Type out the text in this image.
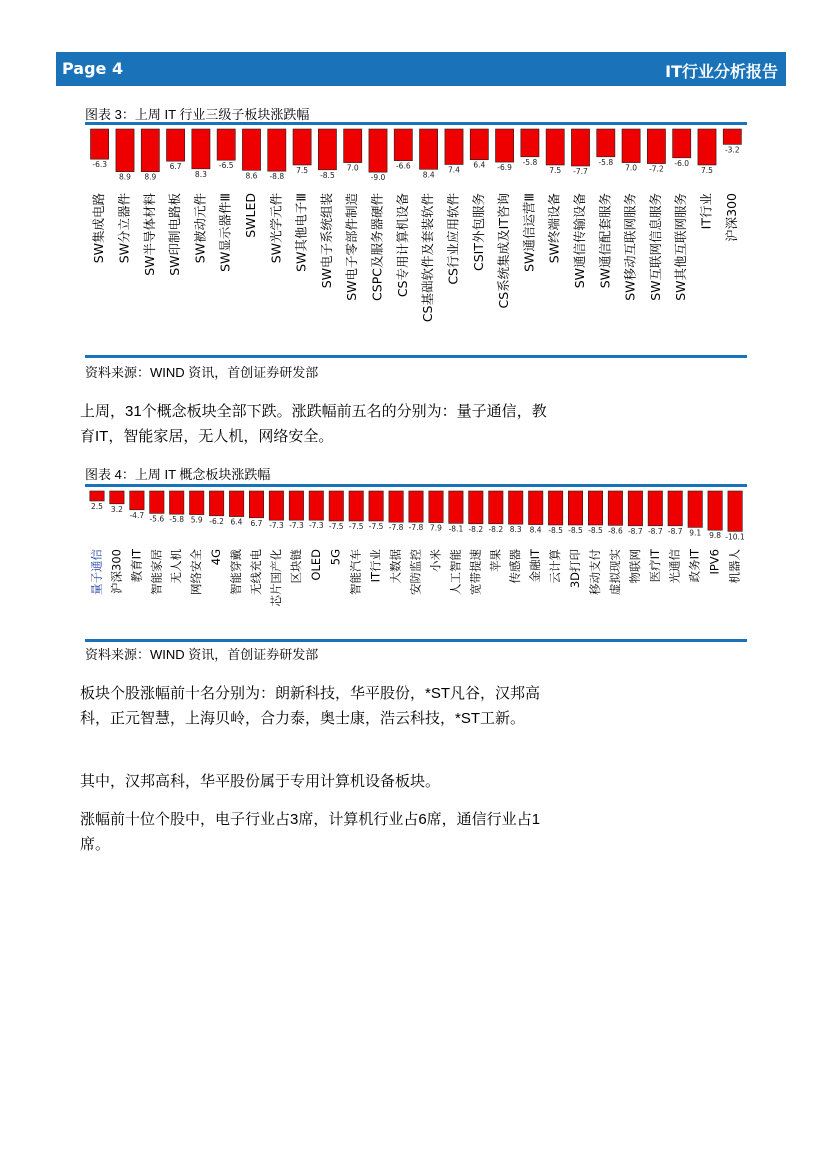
Page 4	IT行业分析报告
图表 3：上周 IT 行业三级子板块涨跌幅
-6.3
SW集成电路
8.9
SW分立器件
8.9
SW半导体材料
6.7
SW印制电路板
8.3
SW被动元件
-6.5
SW显示器件Ⅲ
8.6
SWLED
-8.8
SW光学元件
7.5
SW其他电子Ⅲ
-8.5
SW电子系统组装
7.0
SW电子零部件制造
-9.0
CSPC及服务器硬件
-6.6
CS专用计算机设备
8.4
CS基础软件及套装软件
7.4
CS行业应用软件
6.4
CSIT外包服务
-6.9
CS系统集成及IT咨询
-5.8
SW通信运营Ⅲ
7.5
SW终端设备
-7.7
SW通信传输设备
-5.8
SW通信配套服务
7.0
SW移动互联网服务
-7.2
SW互联网信息服务
-6.0
SW其他互联网服务
7.5
IT行业
-3.2
沪深300
资料来源：WIND 资讯，首创证券研发部
上周，31个概念板块全部下跌。涨跌幅前五名的分别为：量子通信，教育IT，智能家居，无人机，网络安全。
图表 4：上周 IT 概念板块涨跌幅
2.5
量子通信
3.2
沪深300
-4.7
教育IT
-5.6
智能家居
-5.8
无人机
5.9
网络安全
-6.2
4G
6.4
智能穿戴
6.7
无线充电
-7.3
芯片国产化
-7.3
区块链
-7.3
OLED
-7.5
5G
-7.5
智能汽车
-7.5
IT行业
-7.8
大数据
-7.8
安防监控
7.9
小米
-8.1
人工智能
-8.2
宽带提速
-8.2
苹果
8.3
传感器
8.4
金融IT
-8.5
云计算
-8.5
3D打印
-8.5
移动支付
-8.6
虚拟现实
-8.7
物联网
-8.7
医疗IT
-8.7
光通信
9.1
政务IT
9.8
IPV6
-10.1
机器人
资料来源：WIND 资讯，首创证券研发部
板块个股涨幅前十名分别为：朗新科技，华平股份，*ST凡谷，汉邦高科，正元智慧，上海贝岭，合力泰，奥士康，浩云科技，*ST工新。
其中，汉邦高科，华平股份属于专用计算机设备板块。
涨幅前十位个股中，电子行业占3席，计算机行业占6席，通信行业占1席。
